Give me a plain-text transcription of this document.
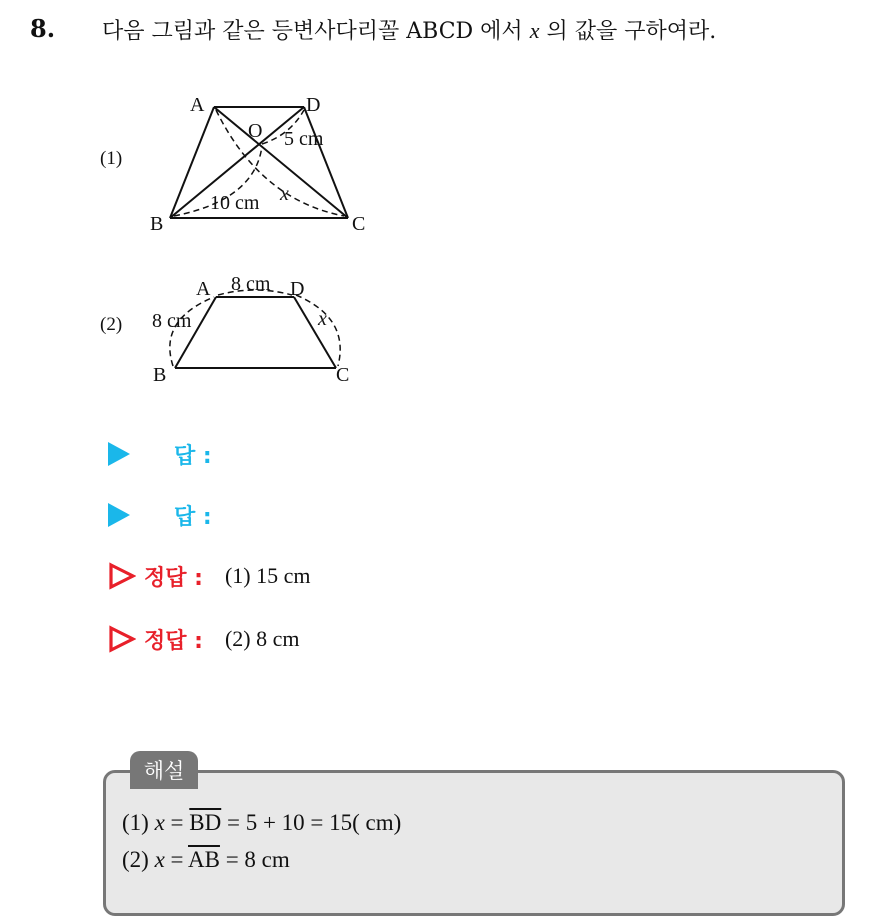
8. 다음 그림과 같은 등변사다리꼴 ABCD 에서 x 의 값을 구하여라.
(1)
A	D
O
B	C
5 cm
10 cm x
(2)
A	D
B	C
8 cm
8 cm	x
답 :
답 :
정답 : (1) 15 cm
정답 : (2) 8 cm
해설
(1) $x = \overline{BD} = 5 + 10 = 15$( cm)
(2) $x = \overline{AB} = 8$ cm
